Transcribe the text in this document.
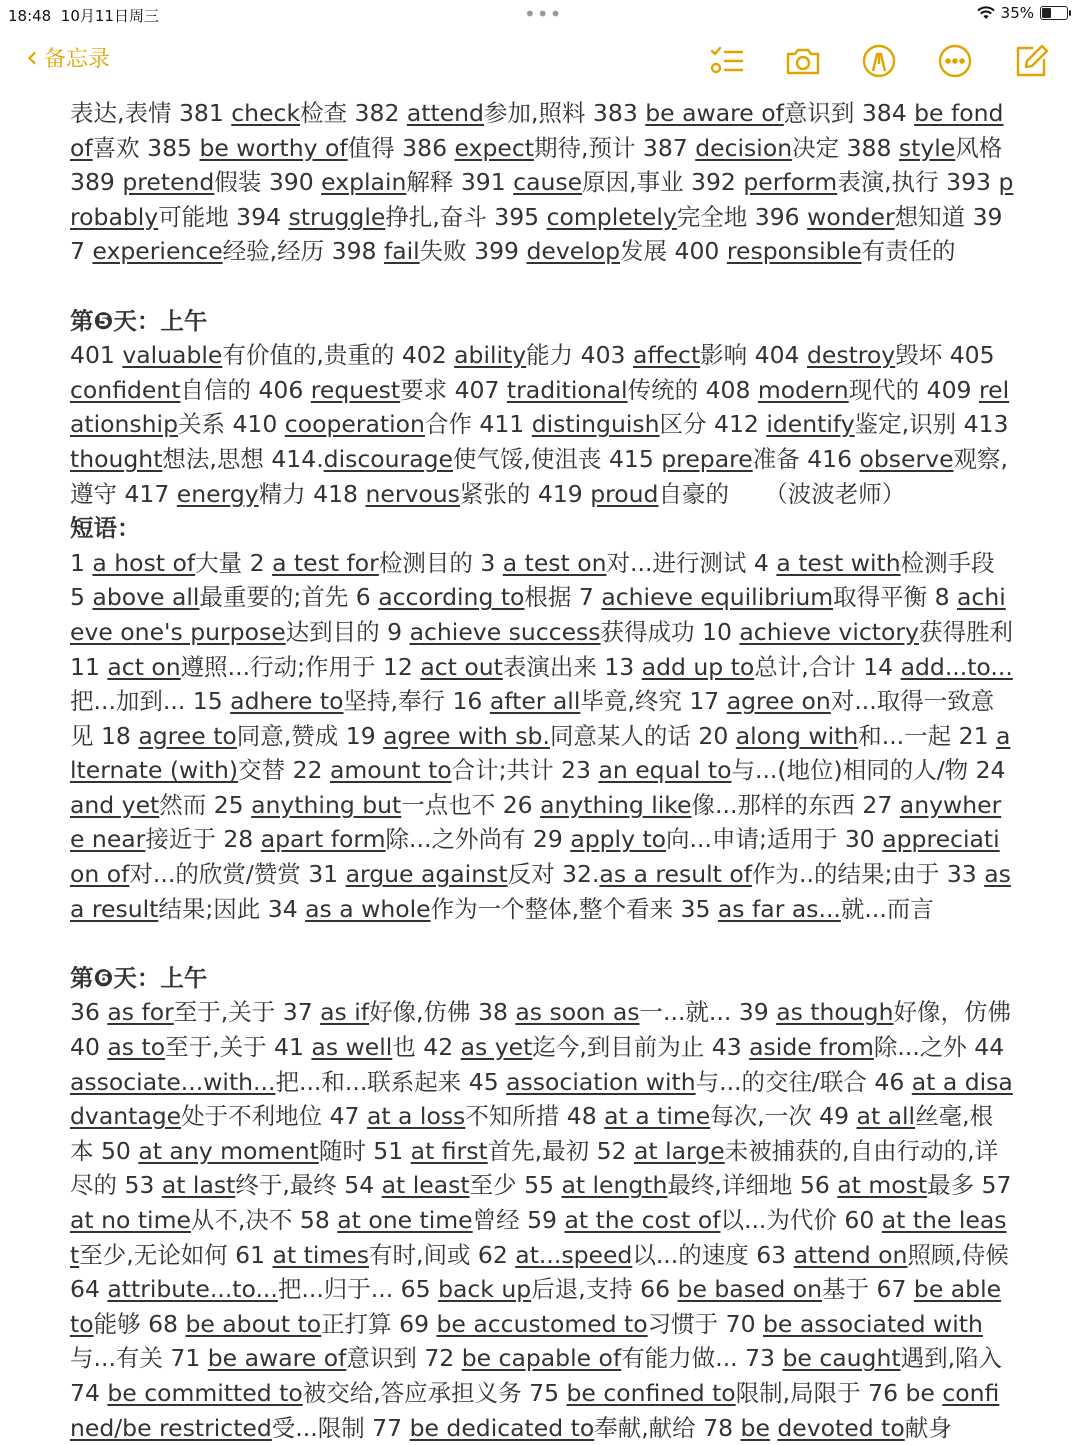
18:48 10月11日周三	•••	35%
‹ 备忘录

表达,表情 381 check检查 382 attend参加,照料 383 be aware of意识到 384 be fond of喜欢 385 be worthy of值得 386 expect期待,预计 387 decision决定 388 style风格 389 pretend假装 390 explain解释 391 cause原因,事业 392 perform表演,执行 393 probably可能地 394 struggle挣扎,奋斗 395 completely完全地 396 wonder想知道 397 experience经验,经历 398 fail失败 399 develop发展 400 responsible有责任的

第❺天：上午

401 valuable有价值的,贵重的 402 ability能力 403 affect影响 404 destroy毁坏 405 confident自信的 406 request要求 407 traditional传统的 408 modern现代的 409 relationship关系 410 cooperation合作 411 distinguish区分 412 identify鉴定,识别 413 thought想法,思想 414.discourage使气馁,使沮丧 415 prepare准备 416 observe观察,遵守 417 energy精力 418 nervous紧张的 419 proud自豪的　　（波波老师）

短语：

1 a host of大量 2 a test for检测目的 3 a test on对...进行测试 4 a test with检测手段 5 above all最重要的;首先 6 according to根据 7 achieve equilibrium取得平衡 8 achieve one's purpose达到目的 9 achieve success获得成功 10 achieve victory获得胜利 11 act on遵照...行动;作用于 12 act out表演出来 13 add up to总计,合计 14 add...to...把...加到... 15 adhere to坚持,奉行 16 after all毕竟,终究 17 agree on对...取得一致意见 18 agree to同意,赞成 19 agree with sb.同意某人的话 20 along with和...一起 21 alternate (with)交替 22 amount to合计;共计 23 an equal to与...(地位)相同的人/物 24 and yet然而 25 anything but一点也不 26 anything like像...那样的东西 27 anywhere near接近于 28 apart form除...之外尚有 29 apply to向...申请;适用于 30 appreciation of对...的欣赏/赞赏 31 argue against反对 32.as a result of作为..的结果;由于 33 as a result结果;因此 34 as a whole作为一个整体,整个看来 35 as far as...就...而言

第❻天：上午

36 as for至于,关于 37 as if好像,仿佛 38 as soon as一...就... 39 as though好像，仿佛 40 as to至于,关于 41 as well也 42 as yet迄今,到目前为止 43 aside from除...之外 44 associate...with...把...和...联系起来 45 association with与...的交往/联合 46 at a disadvantage处于不利地位 47 at a loss不知所措 48 at a time每次,一次 49 at all丝毫,根本 50 at any moment随时 51 at first首先,最初 52 at large未被捕获的,自由行动的,详尽的 53 at last终于,最终 54 at least至少 55 at length最终,详细地 56 at most最多 57 at no time从不,决不 58 at one time曾经 59 at the cost of以...为代价 60 at the least至少,无论如何 61 at times有时,间或 62 at...speed以...的速度 63 attend on照顾,侍候 64 attribute...to...把...归于... 65 back up后退,支持 66 be based on基于 67 be able to能够 68 be about to正打算 69 be accustomed to习惯于 70 be associated with与...有关 71 be aware of意识到 72 be capable of有能力做... 73 be caught遇到,陷入 74 be committed to被交给,答应承担义务 75 be confined to限制,局限于 76 be confined/be restricted受...限制 77 be dedicated to奉献,献给 78 be devoted to献身
